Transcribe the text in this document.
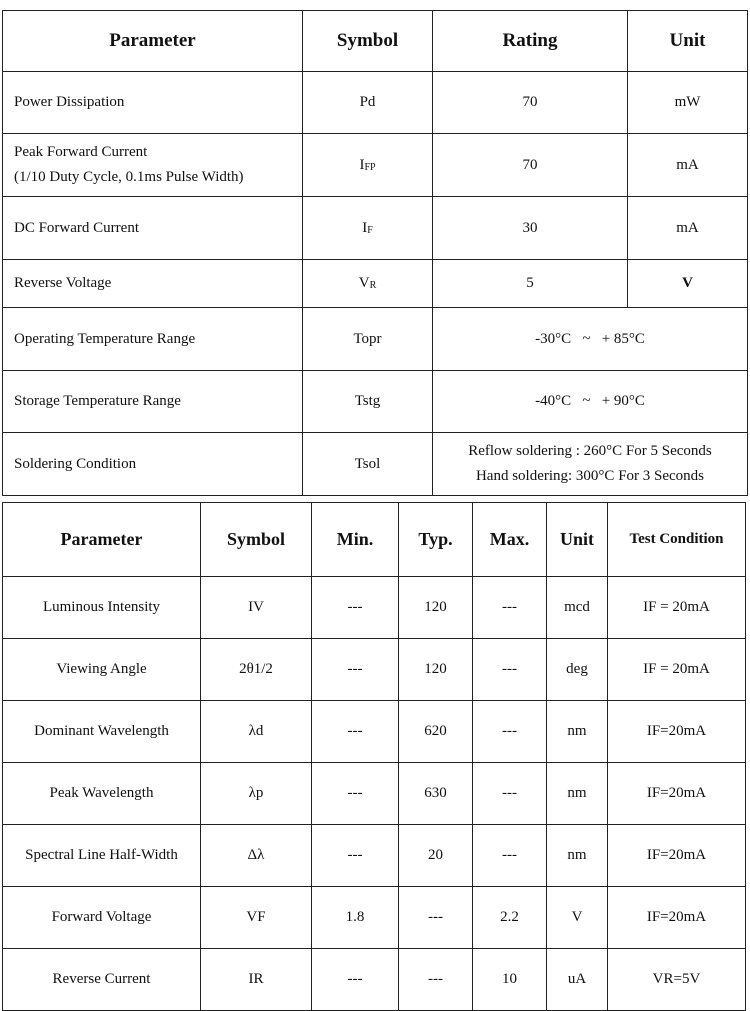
Parameter	Symbol	Rating	Unit
Power Dissipation	Pd	70	mW

Peak Forward Current
(1/10 Duty Cycle, 0.1ms Pulse Width)	IFP	70	mA
DC Forward Current	IF	30	mA
Reverse Voltage	VR	5	V
Operating Temperature Range	Topr	-30°C   ~   + 85°C	
Storage Temperature Range	Tstg	-40°C   ~   + 90°C	
Soldering Condition	Tsol	Reflow soldering : 260°C For 5 Seconds
Hand soldering: 300°C For 3 Seconds	
Parameter	Symbol	Min.	Typ.	Max.	Unit	Test Condition
Luminous Intensity	IV	---	120	---	mcd	IF = 20mA
Viewing Angle	2θ1/2	---	120	---	deg	IF = 20mA
Dominant Wavelength	λd	---	620	---	nm	IF=20mA
Peak Wavelength	λp	---	630	---	nm	IF=20mA
Spectral Line Half-Width	Δλ	---	20	---	nm	IF=20mA
Forward Voltage	VF	1.8	---	2.2	V	IF=20mA
Reverse Current	IR	---	---	10	uA	VR=5V
